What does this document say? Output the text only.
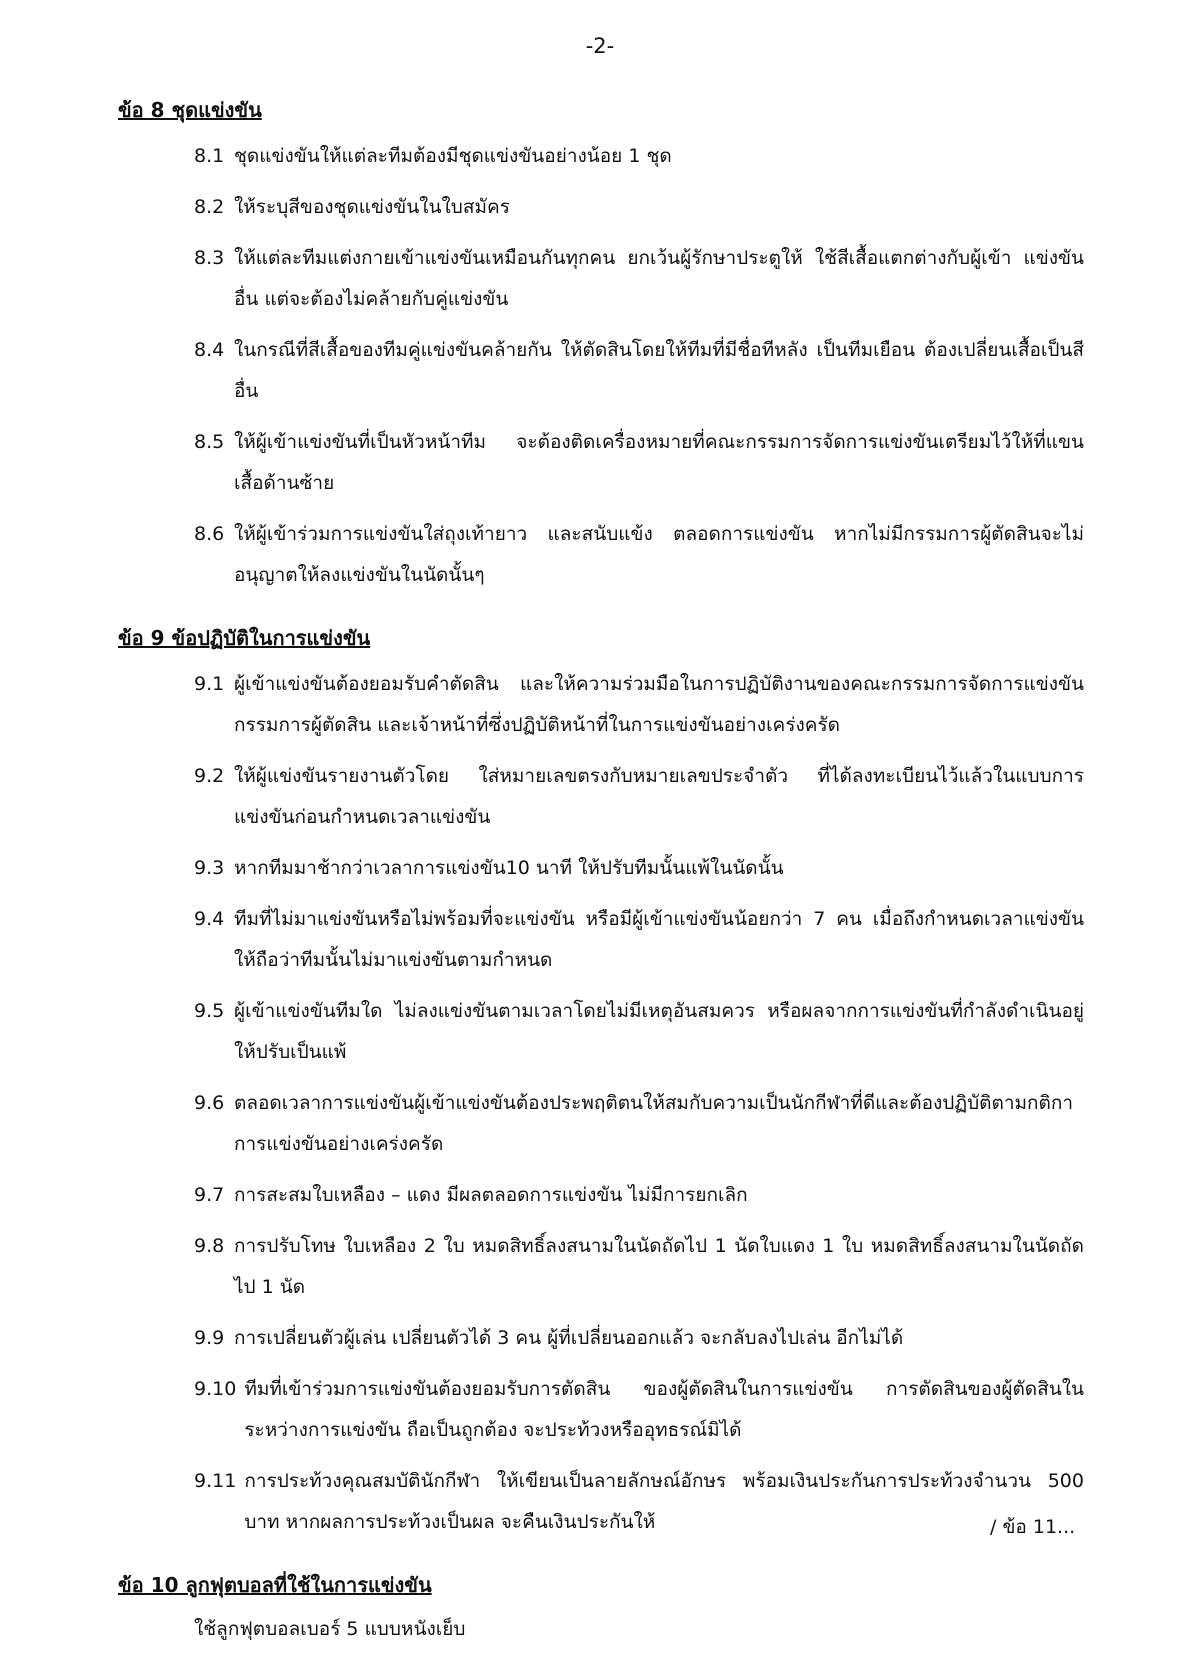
-2-
ข้อ 8 ชุดแข่งขัน
8.1 ชุดแข่งขันให้แต่ละทีมต้องมีชุดแข่งขันอย่างน้อย 1 ชุด
8.2 ให้ระบุสีของชุดแข่งขันในใบสมัคร
8.3 ให้แต่ละทีมแต่งกายเข้าแข่งขันเหมือนกันทุกคน ยกเว้นผู้รักษาประตูให้ ใช้สีเสื้อแตกต่างกับผู้เข้า แข่งขันอื่น แต่จะต้องไม่คล้ายกับคู่แข่งขัน
8.4 ในกรณีที่สีเสื้อของทีมคู่แข่งขันคล้ายกัน ให้ตัดสินโดยให้ทีมที่มีชื่อทีหลัง เป็นทีมเยือน ต้องเปลี่ยนเสื้อเป็นสีอื่น
8.5 ให้ผู้เข้าแข่งขันที่เป็นหัวหน้าทีม จะต้องติดเครื่องหมายที่คณะกรรมการจัดการแข่งขันเตรียมไว้ให้ที่แขนเสื้อด้านซ้าย
8.6 ให้ผู้เข้าร่วมการแข่งขันใส่ถุงเท้ายาว และสนับแข้ง ตลอดการแข่งขัน หากไม่มีกรรมการผู้ตัดสินจะไม่อนุญาตให้ลงแข่งขันในนัดนั้นๆ
ข้อ 9 ข้อปฏิบัติในการแข่งขัน
9.1 ผู้เข้าแข่งขันต้องยอมรับคำตัดสิน และให้ความร่วมมือในการปฏิบัติงานของคณะกรรมการจัดการแข่งขัน กรรมการผู้ตัดสิน และเจ้าหน้าที่ซึ่งปฏิบัติหน้าที่ในการแข่งขันอย่างเคร่งครัด
9.2 ให้ผู้แข่งขันรายงานตัวโดย ใส่หมายเลขตรงกับหมายเลขประจำตัว ที่ได้ลงทะเบียนไว้แล้วในแบบการแข่งขันก่อนกำหนดเวลาแข่งขัน
9.3 หากทีมมาช้ากว่าเวลาการแข่งขัน10 นาที ให้ปรับทีมนั้นแพ้ในนัดนั้น
9.4 ทีมที่ไม่มาแข่งขันหรือไม่พร้อมที่จะแข่งขัน หรือมีผู้เข้าแข่งขันน้อยกว่า 7 คน เมื่อถึงกำหนดเวลาแข่งขันให้ถือว่าทีมนั้นไม่มาแข่งขันตามกำหนด
9.5 ผู้เข้าแข่งขันทีมใด ไม่ลงแข่งขันตามเวลาโดยไม่มีเหตุอันสมควร หรือผลจากการแข่งขันที่กำลังดำเนินอยู่ให้ปรับเป็นแพ้
9.6 ตลอดเวลาการแข่งขันผู้เข้าแข่งขันต้องประพฤติตนให้สมกับความเป็นนักกีฬาที่ดีและต้องปฏิบัติตามกติกาการแข่งขันอย่างเคร่งครัด
9.7 การสะสมใบเหลือง – แดง มีผลตลอดการแข่งขัน ไม่มีการยกเลิก
9.8 การปรับโทษ ใบเหลือง 2 ใบ หมดสิทธิ์ลงสนามในนัดถัดไป 1 นัดใบแดง 1 ใบ หมดสิทธิ์ลงสนามในนัดถัดไป 1 นัด
9.9 การเปลี่ยนตัวผู้เล่น เปลี่ยนตัวได้ 3 คน ผู้ที่เปลี่ยนออกแล้ว จะกลับลงไปเล่น อีกไม่ได้
9.10 ทีมที่เข้าร่วมการแข่งขันต้องยอมรับการตัดสิน ของผู้ตัดสินในการแข่งขัน การตัดสินของผู้ตัดสินในระหว่างการแข่งขัน ถือเป็นถูกต้อง จะประท้วงหรืออุทธรณ์มิได้
9.11 การประท้วงคุณสมบัตินักกีฬา ให้เขียนเป็นลายลักษณ์อักษร พร้อมเงินประกันการประท้วงจำนวน 500 บาท หากผลการประท้วงเป็นผล จะคืนเงินประกันให้
ข้อ 10 ลูกฟุตบอลที่ใช้ในการแข่งขัน
ใช้ลูกฟุตบอลเบอร์ 5 แบบหนังเย็บ
/ ข้อ 11...
